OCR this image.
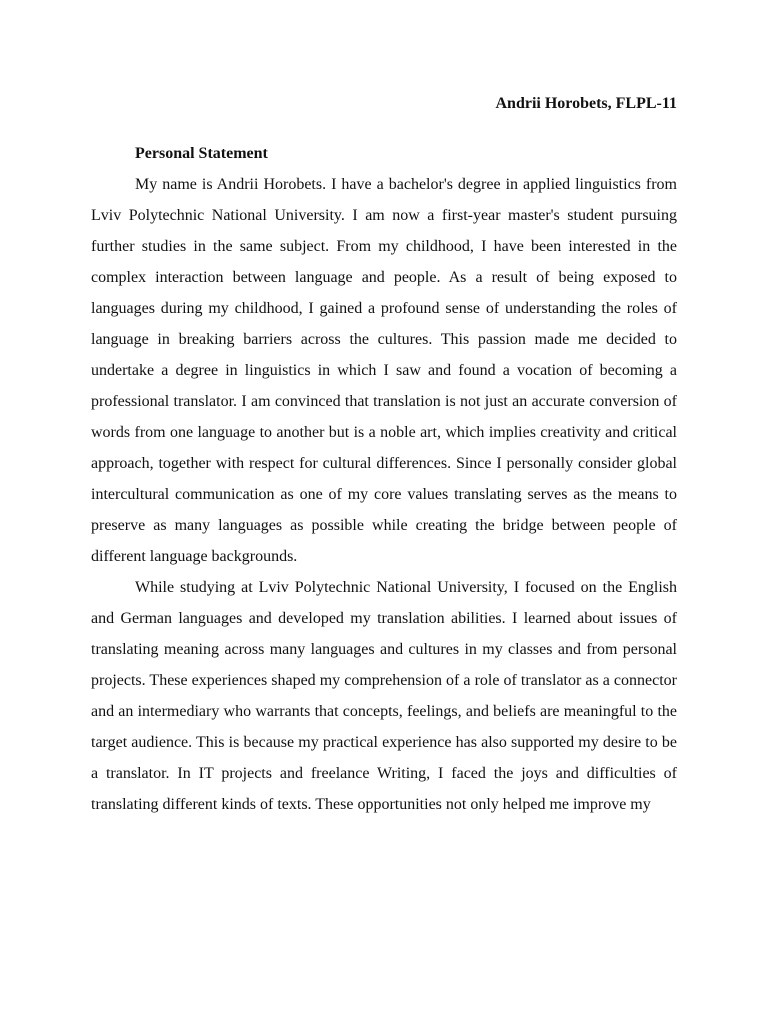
Andrii Horobets, FLPL-11
Personal Statement

My name is Andrii Horobets. I have a bachelor's degree in applied linguistics from Lviv Polytechnic National University. I am now a first-year master's student pursuing further studies in the same subject. From my childhood, I have been interested in the complex interaction between language and people. As a result of being exposed to languages during my childhood, I gained a profound sense of understanding the roles of language in breaking barriers across the cultures. This passion made me decided to undertake a degree in linguistics in which I saw and found a vocation of becoming a professional translator. I am convinced that translation is not just an accurate conversion of words from one language to another but is a noble art, which implies creativity and critical approach, together with respect for cultural differences. Since I personally consider global intercultural communication as one of my core values translating serves as the means to preserve as many languages as possible while creating the bridge between people of different language backgrounds.

While studying at Lviv Polytechnic National University, I focused on the English and German languages and developed my translation abilities. I learned about issues of translating meaning across many languages and cultures in my classes and from personal projects. These experiences shaped my comprehension of a role of translator as a connector and an intermediary who warrants that concepts, feelings, and beliefs are meaningful to the target audience. This is because my practical experience has also supported my desire to be a translator. In IT projects and freelance Writing, I faced the joys and difficulties of translating different kinds of texts. These opportunities not only helped me improve my
